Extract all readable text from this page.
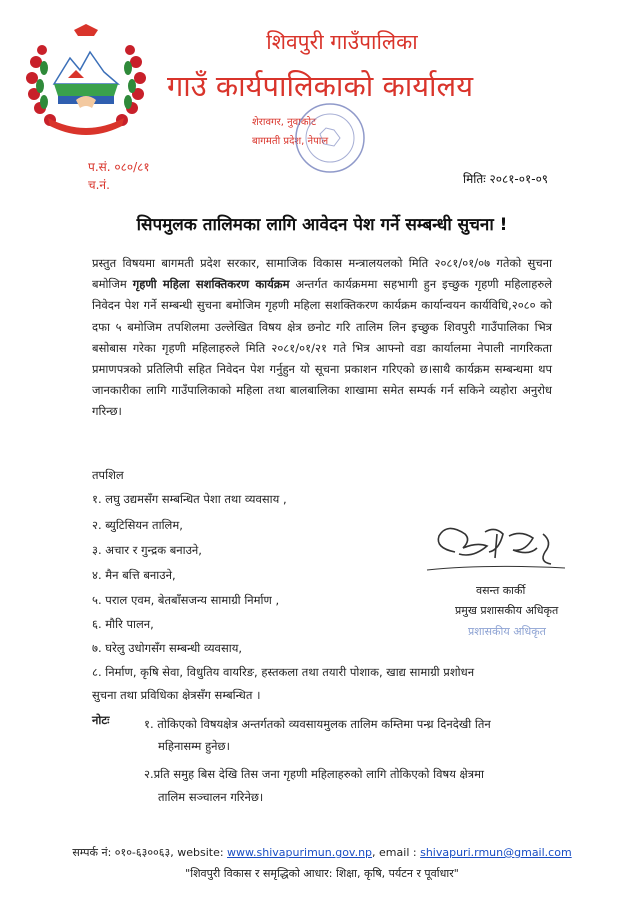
शिवपुरी गाउँपालिका
गाउँ कार्यपालिकाको कार्यालय
शेरावगर, नुवाकोट
बागमती प्रदेश, नेपाल
प.सं. ०८०/८१
च.नं.	मितिः २०८१-०१-०९
सिपमुलक तालिमका लागि आवेदन पेश गर्ने सम्बन्धी सुचना !
प्रस्तुत विषयमा बागमती प्रदेश सरकार, सामाजिक विकास मन्त्रालयलको मिति २०८१/०१/०७ गतेको सुचना बमोजिम गृहणी महिला सशक्तिकरण कार्यक्रम अन्तर्गत कार्यक्रममा सहभागी हुन इच्छुक गृहणी महिलाहरुले निवेदन पेश गर्ने सम्बन्धी सुचना बमोजिम गृहणी महिला सशक्तिकरण कार्यक्रम कार्यान्वयन कार्यविधि,२०८० को दफा ५ बमोजिम तपशिलमा उल्लेखित विषय क्षेत्र छनोट गरि तालिम लिन इच्छुक शिवपुरी गाउँपालिका भित्र बसोबास गरेका गृहणी महिलाहरुले मिति २०८१/०१/२१ गते भित्र आफ्नो वडा कार्यालमा नेपाली नागरिकता प्रमाणपत्रको प्रतिलिपी सहित निवेदन पेश गर्नुहुन यो सूचना प्रकाशन गरिएको छ।साथै कार्यक्रम सम्बन्धमा थप जानकारीका लागि गाउँपालिकाको महिला तथा बालबालिका शाखामा समेत सम्पर्क गर्न सकिने व्यहोरा अनुरोध गरिन्छ।
तपशिल
१. लघु उद्यमसँग सम्बन्धित पेशा तथा व्यवसाय ,
२. ब्युटिसियन तालिम,
३. अचार र गुन्द्रक बनाउने,
४. मैन बत्ति बनाउने,
५. पराल एवम, बेतबाँसजन्य सामाग्री निर्माण ,
६. मौरि पालन,
७. घरेलु उधोगसँग सम्बन्धी व्यवसाय,
८. निर्माण, कृषि सेवा, विधुतिय वायरिङ, हस्तकला तथा तयारी पोशाक, खाद्य सामाग्री प्रशोधन
सुचना तथा प्रविधिका क्षेत्रसँग सम्बन्धित ।
नोटः	१. तोकिएको विषयक्षेत्र अन्तर्गतको व्यवसायमुलक तालिम कम्तिमा पन्ध्र दिनदेखी तिन
महिनासम्म हुनेछ।
२.प्रति समुह बिस देखि तिस जना गृहणी महिलाहरुको लागि तोकिएको विषय क्षेत्रमा
तालिम सञ्चालन गरिनेछ।
वसन्त कार्की
प्रमुख प्रशासकीय अधिकृत
प्रशासकीय अधिकृत
सम्पर्क नं: ०१०-६३००६३, website: www.shivapurimun.gov.np, email : shivapuri.rmun@gmail.com
"शिवपुरी विकास र समृद्धिको आधार: शिक्षा, कृषि, पर्यटन र पूर्वाधार"
